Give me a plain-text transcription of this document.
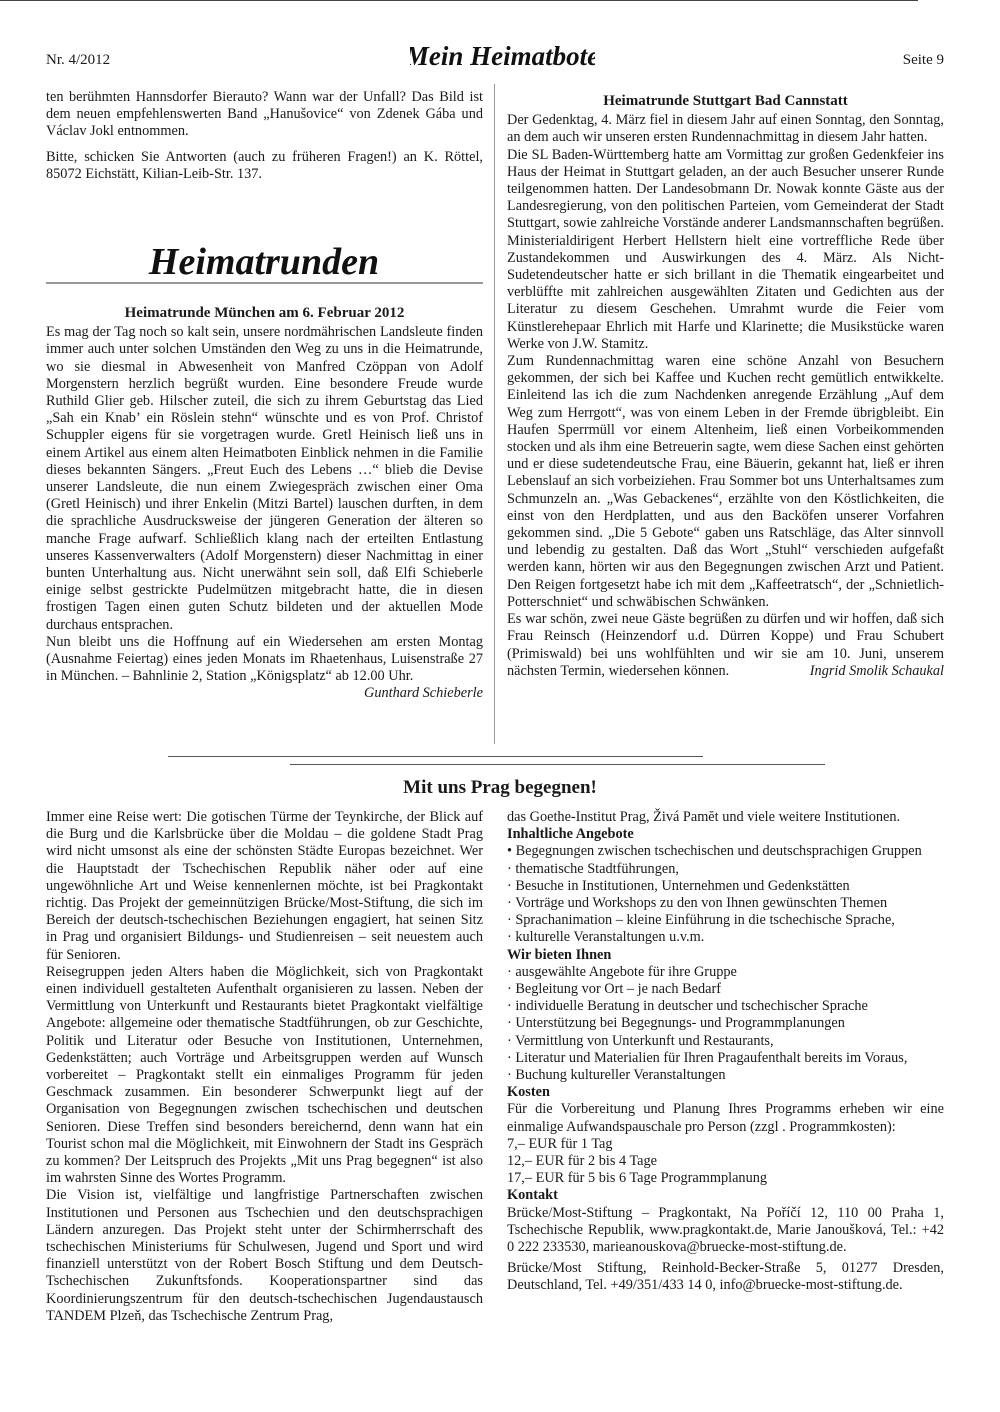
Nr. 4/2012	Mein Heimatbote	Seite 9

ten berühmten Hannsdorfer Bierauto? Wann war der Unfall? Das Bild ist dem neuen empfehlenswerten Band „Hanušovice“ von Zdenek Gába und Václav Jokl entnommen.

Bitte, schicken Sie Antworten (auch zu früheren Fragen!) an K. Röttel, 85072 Eichstätt, Kilian-Leib-Str. 137.

Heimatrunden

Heimatrunde München am 6. Februar 2012

Es mag der Tag noch so kalt sein, unsere nordmährischen Landsleute finden immer auch unter solchen Umständen den Weg zu uns in die Heimatrunde, wo sie diesmal in Abwesenheit von Manfred Czöppan von Adolf Morgenstern herzlich begrüßt wurden. Eine besondere Freude wurde Ruthild Glier geb. Hilscher zuteil, die sich zu ihrem Geburtstag das Lied „Sah ein Knab’ ein Röslein stehn“ wünschte und es von Prof. Christof Schuppler eigens für sie vorgetragen wurde. Gretl Heinisch ließ uns in einem Artikel aus einem alten Heimatboten Einblick nehmen in die Familie dieses bekannten Sängers. „Freut Euch des Lebens …“ blieb die Devise unserer Landsleute, die nun einem Zwiegespräch zwischen einer Oma (Gretl Heinisch) und ihrer Enkelin (Mitzi Bartel) lauschen durften, in dem die sprachliche Ausdrucksweise der jüngeren Generation der älteren so manche Frage aufwarf. Schließlich klang nach der erteilten Entlastung unseres Kassenverwalters (Adolf Morgenstern) dieser Nachmittag in einer bunten Unterhaltung aus. Nicht unerwähnt sein soll, daß Elfi Schieberle einige selbst gestrickte Pudelmützen mitgebracht hatte, die in diesen frostigen Tagen einen guten Schutz bildeten und der aktuellen Mode durchaus entsprachen.

Nun bleibt uns die Hoffnung auf ein Wiedersehen am ersten Montag (Ausnahme Feiertag) eines jeden Monats im Rhaetenhaus, Luisenstraße 27 in München. – Bahnlinie 2, Station „Königsplatz“ ab 12.00 Uhr.
Gunthard Schieberle

Heimatrunde Stuttgart Bad Cannstatt

Der Gedenktag, 4. März fiel in diesem Jahr auf einen Sonntag, den Sonntag, an dem auch wir unseren ersten Rundennachmittag in diesem Jahr hatten.

Die SL Baden-Württemberg hatte am Vormittag zur großen Gedenkfeier ins Haus der Heimat in Stuttgart geladen, an der auch Besucher unserer Runde teilgenommen hatten. Der Landesobmann Dr. Nowak konnte Gäste aus der Landesregierung, von den politischen Parteien, vom Gemeinderat der Stadt Stuttgart, sowie zahlreiche Vorstände anderer Landsmannschaften begrüßen. Ministerialdirigent Herbert Hellstern hielt eine vortreffliche Rede über Zustandekommen und Auswirkungen des 4. März. Als Nicht-Sudetendeutscher hatte er sich brillant in die Thematik eingearbeitet und verblüffte mit zahlreichen ausgewählten Zitaten und Gedichten aus der Literatur zu diesem Geschehen. Umrahmt wurde die Feier vom Künstlerehepaar Ehrlich mit Harfe und Klarinette; die Musikstücke waren Werke von J.W. Stamitz.

Zum Rundennachmittag waren eine schöne Anzahl von Besuchern gekommen, der sich bei Kaffee und Kuchen recht gemütlich entwikkelte. Einleitend las ich die zum Nachdenken anregende Erzählung „Auf dem Weg zum Herrgott“, was von einem Leben in der Fremde übrigbleibt. Ein Haufen Sperrmüll vor einem Altenheim, ließ einen Vorbeikommenden stocken und als ihm eine Betreuerin sagte, wem diese Sachen einst gehörten und er diese sudetendeutsche Frau, eine Bäuerin, gekannt hat, ließ er ihren Lebenslauf an sich vorbeiziehen. Frau Sommer bot uns Unterhaltsames zum Schmunzeln an. „Was Gebackenes“, erzählte von den Köstlichkeiten, die einst von den Herdplatten, und aus den Backöfen unserer Vorfahren gekommen sind. „Die 5 Gebote“ gaben uns Ratschläge, das Alter sinnvoll und lebendig zu gestalten. Daß das Wort „Stuhl“ verschieden aufgefaßt werden kann, hörten wir aus den Begegnungen zwischen Arzt und Patient. Den Reigen fortgesetzt habe ich mit dem „Kaffeetratsch“, der „Schnietlich-Potterschniet“ und schwäbischen Schwänken.

Es war schön, zwei neue Gäste begrüßen zu dürfen und wir hoffen, daß sich Frau Reinsch (Heinzendorf u.d. Dürren Koppe) und Frau Schubert (Primiswald) bei uns wohlfühlten und wir sie am 10. Juni, unserem nächsten Termin, wiedersehen können.	Ingrid Smolik Schaukal

Mit uns Prag begegnen!

Immer eine Reise wert: Die gotischen Türme der Teynkirche, der Blick auf die Burg und die Karlsbrücke über die Moldau – die goldene Stadt Prag wird nicht umsonst als eine der schönsten Städte Europas bezeichnet. Wer die Hauptstadt der Tschechischen Republik näher oder auf eine ungewöhnliche Art und Weise kennenlernen möchte, ist bei Pragkontakt richtig. Das Projekt der gemeinnützigen Brücke/Most-Stiftung, die sich im Bereich der deutsch-tschechischen Beziehungen engagiert, hat seinen Sitz in Prag und organisiert Bildungs- und Studienreisen – seit neuestem auch für Senioren.

Reisegruppen jeden Alters haben die Möglichkeit, sich von Pragkontakt einen individuell gestalteten Aufenthalt organisieren zu lassen. Neben der Vermittlung von Unterkunft und Restaurants bietet Pragkontakt vielfältige Angebote: allgemeine oder thematische Stadtführungen, ob zur Geschichte, Politik und Literatur oder Besuche von Institutionen, Unternehmen, Gedenkstätten; auch Vorträge und Arbeitsgruppen werden auf Wunsch vorbereitet – Pragkontakt stellt ein einmaliges Programm für jeden Geschmack zusammen. Ein besonderer Schwerpunkt liegt auf der Organisation von Begegnungen zwischen tschechischen und deutschen Senioren. Diese Treffen sind besonders bereichernd, denn wann hat ein Tourist schon mal die Möglichkeit, mit Einwohnern der Stadt ins Gespräch zu kommen? Der Leitspruch des Projekts „Mit uns Prag begegnen“ ist also im wahrsten Sinne des Wortes Programm.

Die Vision ist, vielfältige und langfristige Partnerschaften zwischen Institutionen und Personen aus Tschechien und den deutschsprachigen Ländern anzuregen. Das Projekt steht unter der Schirmherrschaft des tschechischen Ministeriums für Schulwesen, Jugend und Sport und wird finanziell unterstützt von der Robert Bosch Stiftung und dem Deutsch-Tschechischen Zukunftsfonds. Kooperationspartner sind das Koordinierungszentrum für den deutsch-tschechischen Jugendaustausch TANDEM Plzeň, das Tschechische Zentrum Prag,

das Goethe-Institut Prag, Živá Pamĕt und viele weitere Institutionen.

Inhaltliche Angebote

• Begegnungen zwischen tschechischen und deutschsprachigen Gruppen

· thematische Stadtführungen,

· Besuche in Institutionen, Unternehmen und Gedenkstätten

· Vorträge und Workshops zu den von Ihnen gewünschten Themen

· Sprachanimation – kleine Einführung in die tschechische Sprache,

· kulturelle Veranstaltungen u.v.m.

Wir bieten Ihnen

· ausgewählte Angebote für ihre Gruppe

· Begleitung vor Ort – je nach Bedarf

· individuelle Beratung in deutscher und tschechischer Sprache

· Unterstützung bei Begegnungs- und Programmplanungen

· Vermittlung von Unterkunft und Restaurants,

· Literatur und Materialien für Ihren Pragaufenthalt bereits im Voraus,

· Buchung kultureller Veranstaltungen

Kosten

Für die Vorbereitung und Planung Ihres Programms erheben wir eine einmalige Aufwandspauschale pro Person (zzgl . Programmkosten):

7,– EUR für 1 Tag

12,– EUR für 2 bis 4 Tage

17,– EUR für 5 bis 6 Tage Programmplanung

Kontakt

Brücke/Most-Stiftung – Pragkontakt, Na Poříčí 12, 110 00 Praha 1, Tschechische Republik, www.pragkontakt.de, Marie Janoušková, Tel.: +42 0 222 233530, marieanouskova@bruecke-most-stiftung.de.

Brücke/Most Stiftung, Reinhold-Becker-Straße 5, 01277 Dresden, Deutschland, Tel. +49/351/433 14 0, info@bruecke-most-stiftung.de.
